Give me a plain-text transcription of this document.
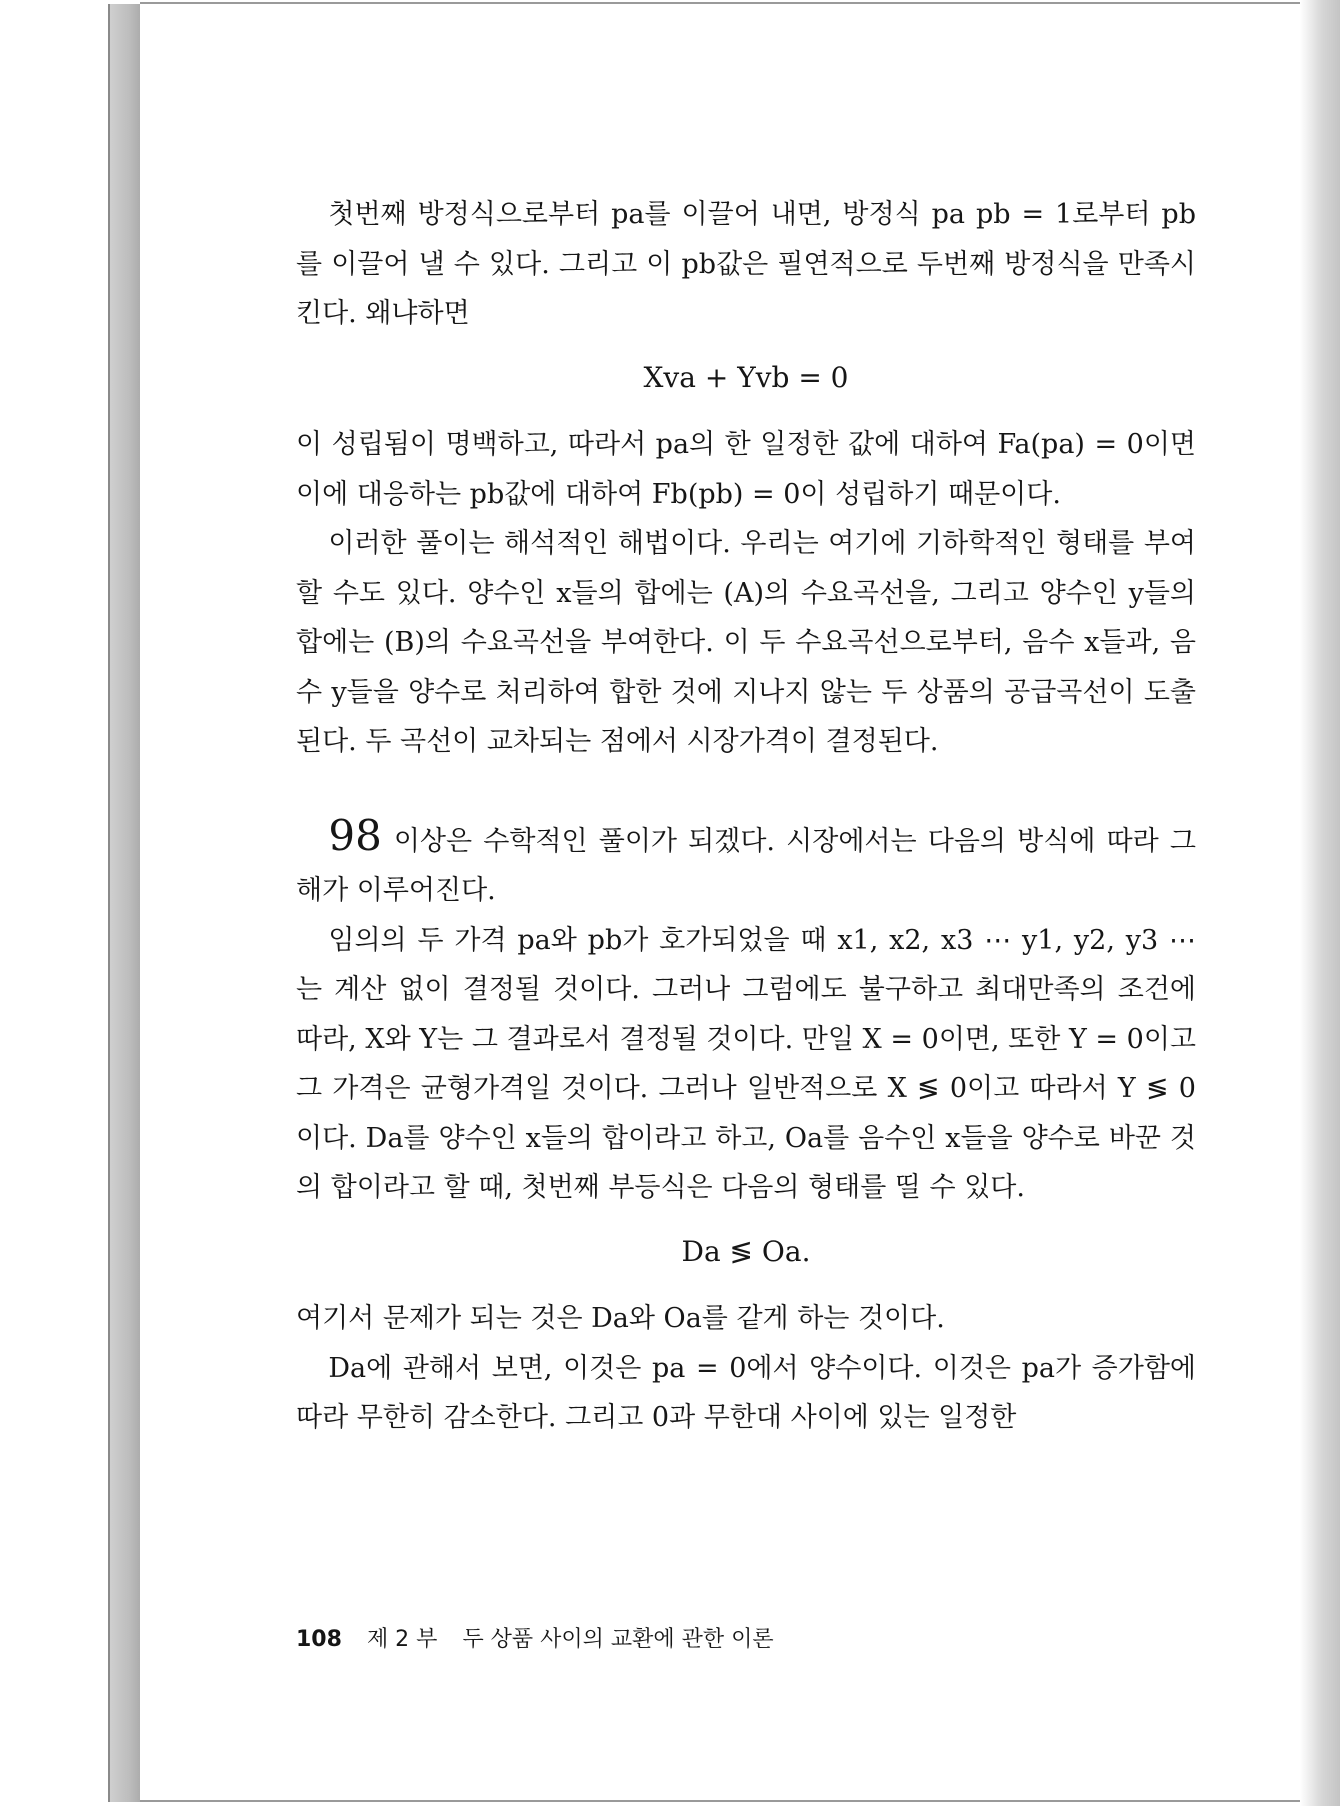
첫번째 방정식으로부터 pa를 이끌어 내면, 방정식 pa pb = 1로부터 pb를 이끌어 낼 수 있다. 그리고 이 pb값은 필연적으로 두번째 방정식을 만족시킨다. 왜냐하면

Xva + Yvb = 0

이 성립됨이 명백하고, 따라서 pa의 한 일정한 값에 대하여 Fa(pa) = 0이면 이에 대응하는 pb값에 대하여 Fb(pb) = 0이 성립하기 때문이다.

이러한 풀이는 해석적인 해법이다. 우리는 여기에 기하학적인 형태를 부여할 수도 있다. 양수인 x들의 합에는 (A)의 수요곡선을, 그리고 양수인 y들의 합에는 (B)의 수요곡선을 부여한다. 이 두 수요곡선으로부터, 음수 x들과, 음수 y들을 양수로 처리하여 합한 것에 지나지 않는 두 상품의 공급곡선이 도출된다. 두 곡선이 교차되는 점에서 시장가격이 결정된다.

98 이상은 수학적인 풀이가 되겠다. 시장에서는 다음의 방식에 따라 그 해가 이루어진다.

임의의 두 가격 pa와 pb가 호가되었을 때 x1, x2, x3 ⋯ y1, y2, y3 ⋯ 는 계산 없이 결정될 것이다. 그러나 그럼에도 불구하고 최대만족의 조건에 따라, X와 Y는 그 결과로서 결정될 것이다. 만일 X = 0이면, 또한 Y = 0이고 그 가격은 균형가격일 것이다. 그러나 일반적으로 X ≶ 0이고 따라서 Y ≶ 0이다. Da를 양수인 x들의 합이라고 하고, Oa를 음수인 x들을 양수로 바꾼 것의 합이라고 할 때, 첫번째 부등식은 다음의 형태를 띨 수 있다.

Da ≶ Oa.

여기서 문제가 되는 것은 Da와 Oa를 같게 하는 것이다.

Da에 관해서 보면, 이것은 pa = 0에서 양수이다. 이것은 pa가 증가함에 따라 무한히 감소한다. 그리고 0과 무한대 사이에 있는 일정한

108 제 2 부 두 상품 사이의 교환에 관한 이론
